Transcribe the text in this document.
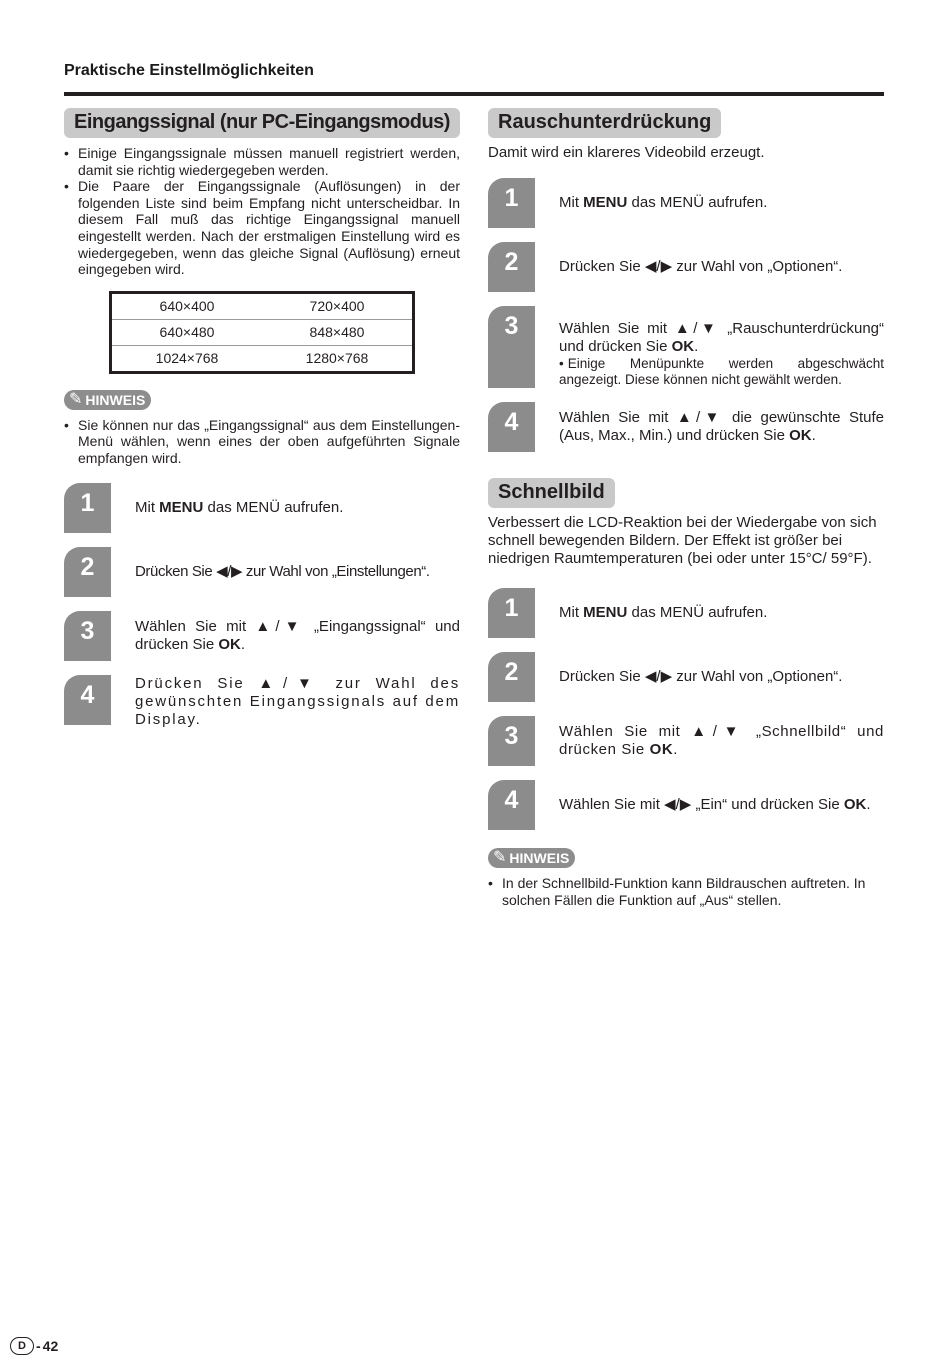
Praktische Einstellmöglichkeiten
Eingangssignal (nur PC-Eingangsmodus)
• Einige Eingangssignale müssen manuell registriert werden, damit sie richtig wiedergegeben werden.
• Die Paare der Eingangssignale (Auflösungen) in der folgenden Liste sind beim Empfang nicht unterscheidbar. In diesem Fall muß das richtige Eingangssignal manuell eingestellt werden. Nach der erstmaligen Einstellung wird es wiedergegeben, wenn das gleiche Signal (Auflösung) erneut eingegeben wird.
640×400	720×400
640×480	848×480
1024×768	1280×768
✎ HINWEIS
• Sie können nur das „Eingangssignal“ aus dem Einstellungen-Menü wählen, wenn eines der oben aufgeführten Signale empfangen wird.
1	Mit MENU das MENÜ aufrufen.
2	Drücken Sie ◀/▶ zur Wahl von „Einstellungen“.
3	Wählen Sie mit ▲/▼ „Eingangssignal“ und drücken Sie OK.
4	Drücken Sie ▲/▼ zur Wahl des gewünschten Eingangssignals auf dem Display.
Rauschunterdrückung
Damit wird ein klareres Videobild erzeugt.
1	Mit MENU das MENÜ aufrufen.
2	Drücken Sie ◀/▶ zur Wahl von „Optionen“.
3	Wählen Sie mit ▲/▼ „Rauschunterdrückung“ und drücken Sie OK.
• Einige Menüpunkte werden abgeschwächt angezeigt. Diese können nicht gewählt werden.
4	Wählen Sie mit ▲/▼ die gewünschte Stufe (Aus, Max., Min.) und drücken Sie OK.
Schnellbild
Verbessert die LCD-Reaktion bei der Wiedergabe von sich schnell bewegenden Bildern. Der Effekt ist größer bei niedrigen Raumtemperaturen (bei oder unter 15°C/ 59°F).
1	Mit MENU das MENÜ aufrufen.
2	Drücken Sie ◀/▶ zur Wahl von „Optionen“.
3	Wählen Sie mit ▲/▼ „Schnellbild“ und drücken Sie OK.
4	Wählen Sie mit ◀/▶ „Ein“ und drücken Sie OK.
✎ HINWEIS
• In der Schnellbild-Funktion kann Bildrauschen auftreten. In solchen Fällen die Funktion auf „Aus“ stellen.
D - 42
